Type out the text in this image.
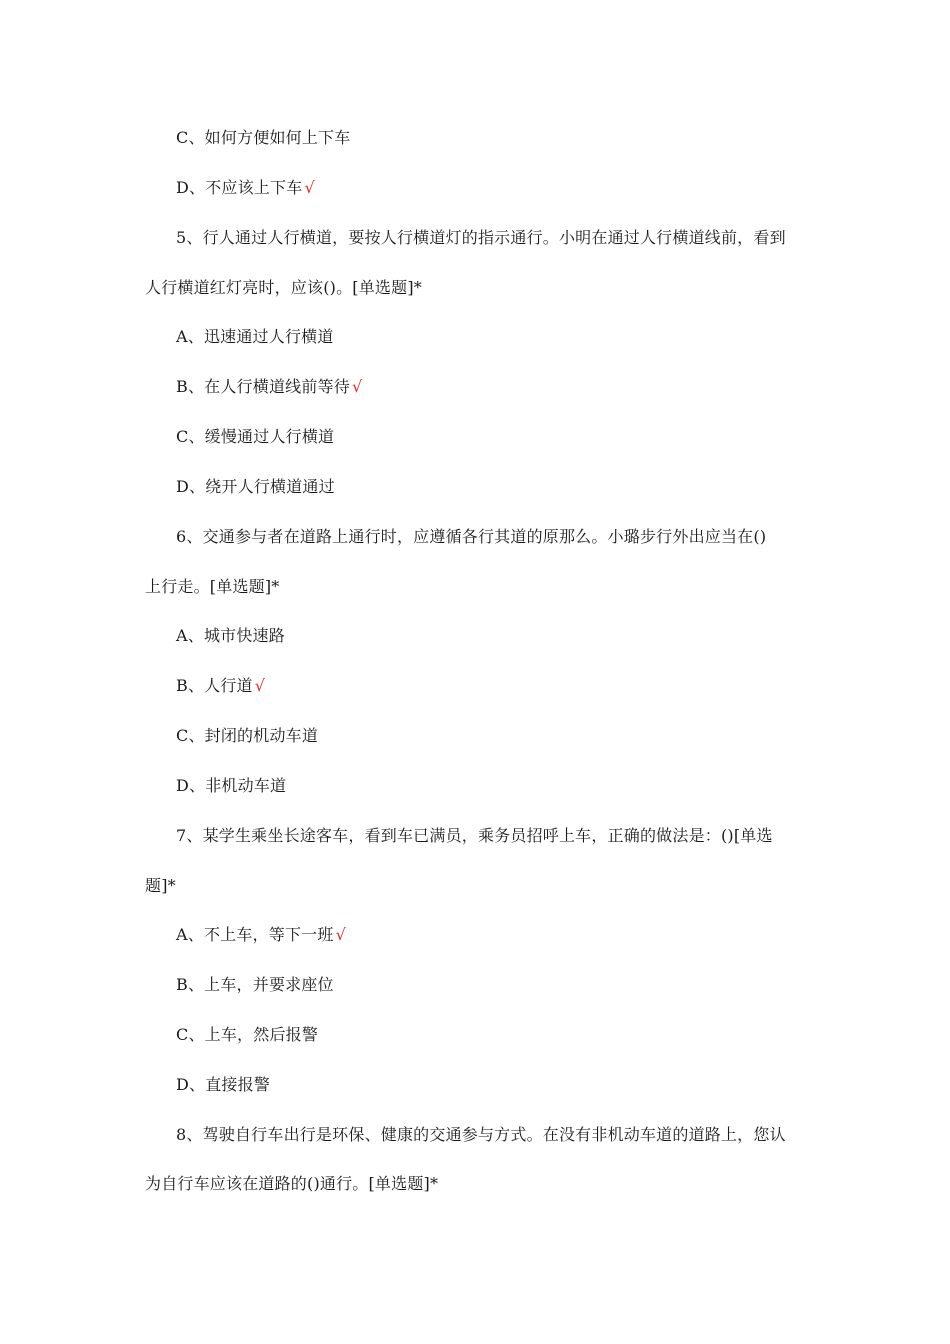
C、如何方便如何上下车
D、不应该上下车 √
5、行人通过人行横道，要按人行横道灯的指示通行。小明在通过人行横道线前，看到
人行横道红灯亮时，应该()。[单选题]*
A、迅速通过人行横道
B、在人行横道线前等待 √
C、缓慢通过人行横道
D、绕开人行横道通过
6、交通参与者在道路上通行时，应遵循各行其道的原那么。小璐步行外出应当在()
上行走。[单选题]*
A、城市快速路
B、人行道 √
C、封闭的机动车道
D、非机动车道
7、某学生乘坐长途客车，看到车已满员，乘务员招呼上车，正确的做法是：()[单选
题]*
A、不上车，等下一班 √
B、上车，并要求座位
C、上车，然后报警
D、直接报警
8、驾驶自行车出行是环保、健康的交通参与方式。在没有非机动车道的道路上，您认
为自行车应该在道路的()通行。[单选题]*
